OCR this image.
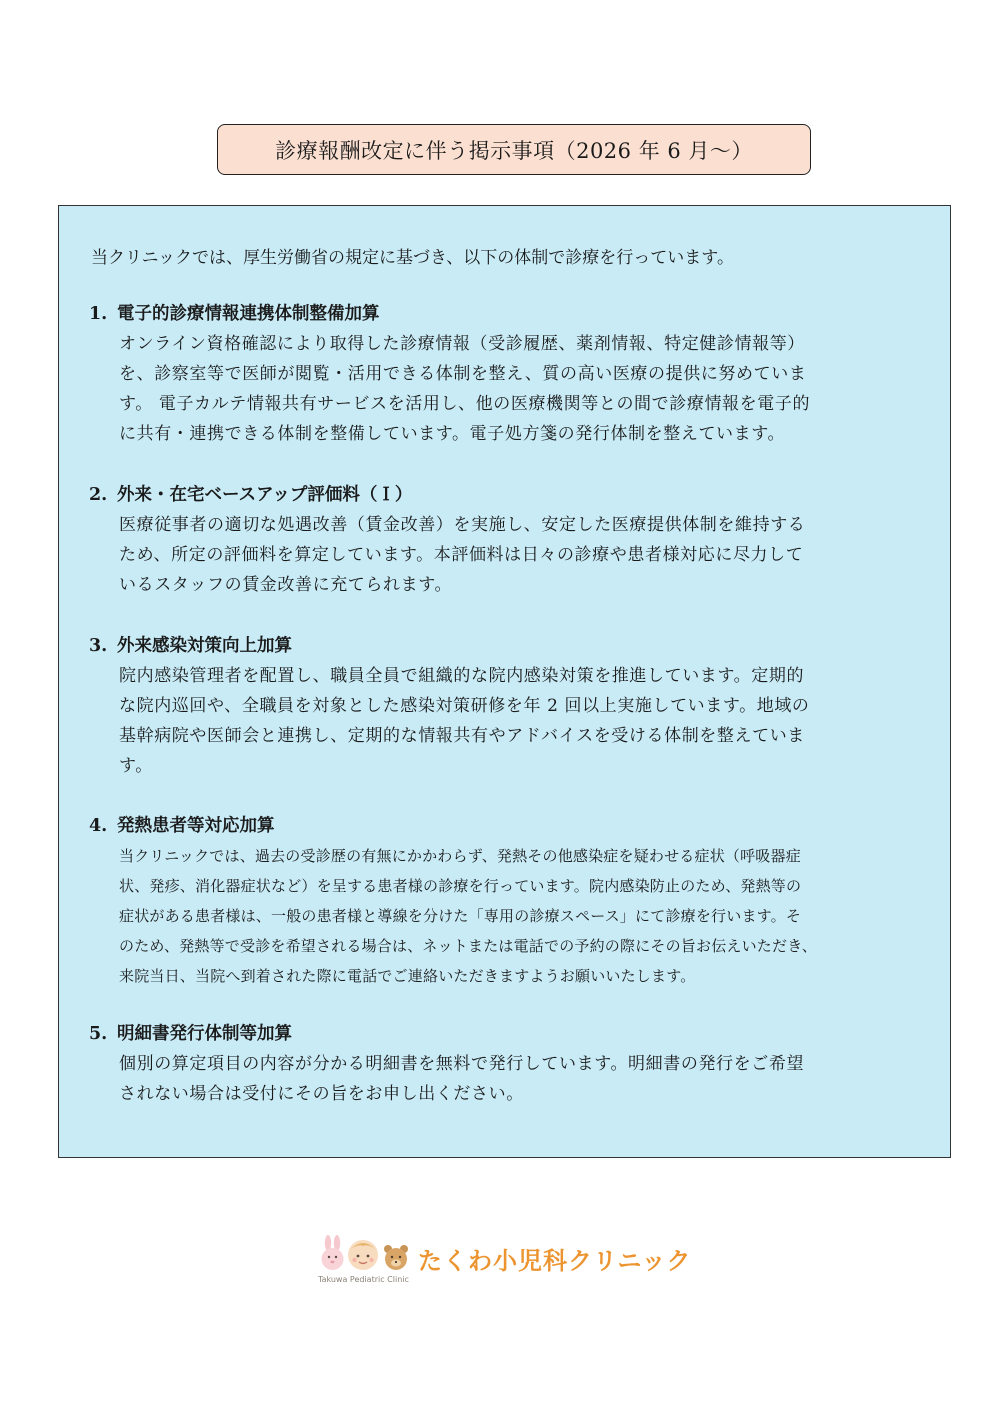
診療報酬改定に伴う掲示事項（2026 年 6 月～）
当クリニックでは、厚生労働省の規定に基づき、以下の体制で診療を行っています。
1. 電子的診療情報連携体制整備加算
オンライン資格確認により取得した診療情報（受診履歴、薬剤情報、特定健診情報等）
を、診察室等で医師が閲覧・活用できる体制を整え、質の高い医療の提供に努めていま
す。 電子カルテ情報共有サービスを活用し、他の医療機関等との間で診療情報を電子的
に共有・連携できる体制を整備しています。電子処方箋の発行体制を整えています。
2. 外来・在宅ベースアップ評価料（Ｉ）
医療従事者の適切な処遇改善（賃金改善）を実施し、安定した医療提供体制を維持する
ため、所定の評価料を算定しています。本評価料は日々の診療や患者様対応に尽力して
いるスタッフの賃金改善に充てられます。
3. 外来感染対策向上加算
院内感染管理者を配置し、職員全員で組織的な院内感染対策を推進しています。定期的
な院内巡回や、全職員を対象とした感染対策研修を年 2 回以上実施しています。地域の
基幹病院や医師会と連携し、定期的な情報共有やアドバイスを受ける体制を整えていま
す。
4. 発熱患者等対応加算
当クリニックでは、過去の受診歴の有無にかかわらず、発熱その他感染症を疑わせる症状（呼吸器症
状、発疹、消化器症状など）を呈する患者様の診療を行っています。院内感染防止のため、発熱等の
症状がある患者様は、一般の患者様と導線を分けた「専用の診療スペース」にて診療を行います。そ
のため、発熱等で受診を希望される場合は、ネットまたは電話での予約の際にその旨お伝えいただき、
来院当日、当院へ到着された際に電話でご連絡いただきますようお願いいたします。
5. 明細書発行体制等加算
個別の算定項目の内容が分かる明細書を無料で発行しています。明細書の発行をご希望
されない場合は受付にその旨をお申し出ください。
たくわ小児科クリニック
Takuwa Pediatric Clinic
